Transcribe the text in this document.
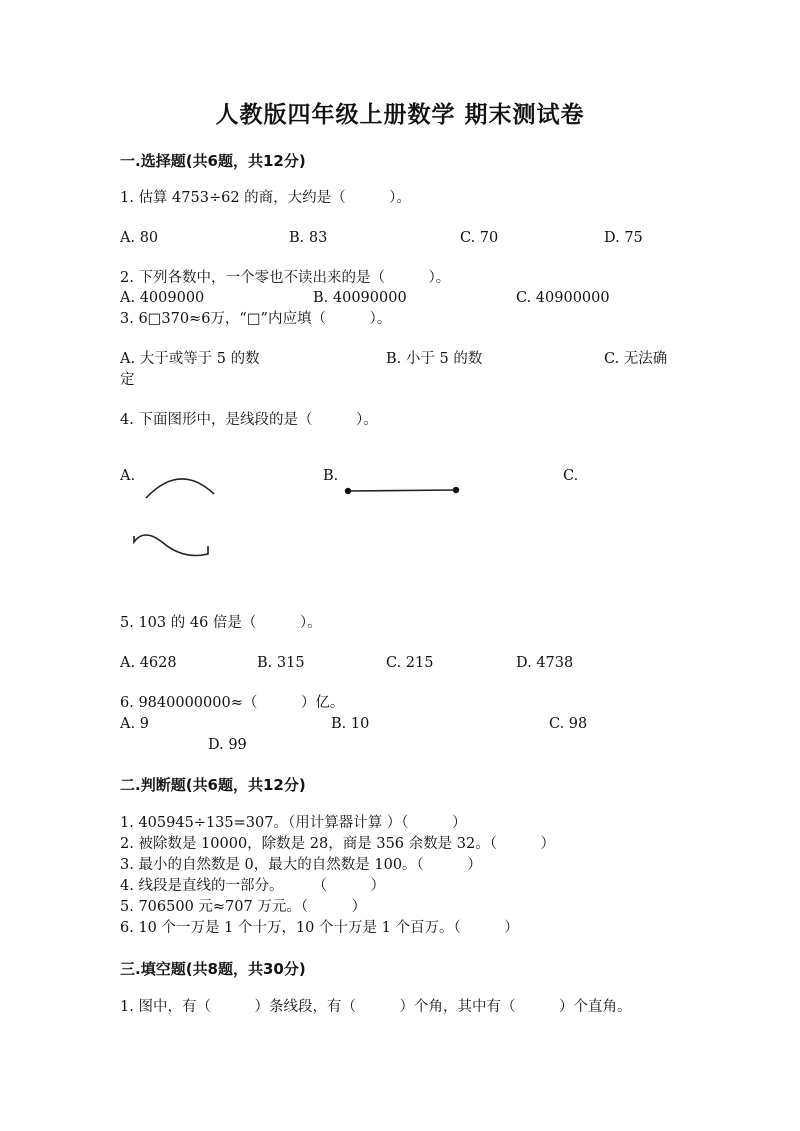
人教版四年级上册数学 期末测试卷
一.选择题(共6题，共12分)
1. 估算 4753÷62 的商，大约是（　　　）。
A. 80	B. 83	C. 70	D. 75
2. 下列各数中，一个零也不读出来的是（　　　）。
A. 4009000	B. 40090000	C. 40900000
3. 6□370≈6万，“□”内应填（　　　）。
A. 大于或等于 5 的数	B. 小于 5 的数	C. 无法确
定
4. 下面图形中，是线段的是（　　　）。
A.	B.	C.
5. 103 的 46 倍是（　　　）。
A. 4628	B. 315	C. 215	D. 4738
6. 9840000000≈（　　　）亿。
A. 9	B. 10	C. 98
D. 99
二.判断题(共6题，共12分)
1. 405945÷135=307。（用计算器计算 ）（　　　）
2. 被除数是 10000，除数是 28，商是 356 余数是 32。（　　　）
3. 最小的自然数是 0，最大的自然数是 100。（　　　）
4. 线段是直线的一部分。　　　（　　　）
5. 706500 元≈707 万元。（　　　）
6. 10 个一万是 1 个十万，10 个十万是 1 个百万。（　　　）
三.填空题(共8题，共30分)
1. 图中，有（　　　）条线段，有（　　　）个角，其中有（　　　）个直角。
